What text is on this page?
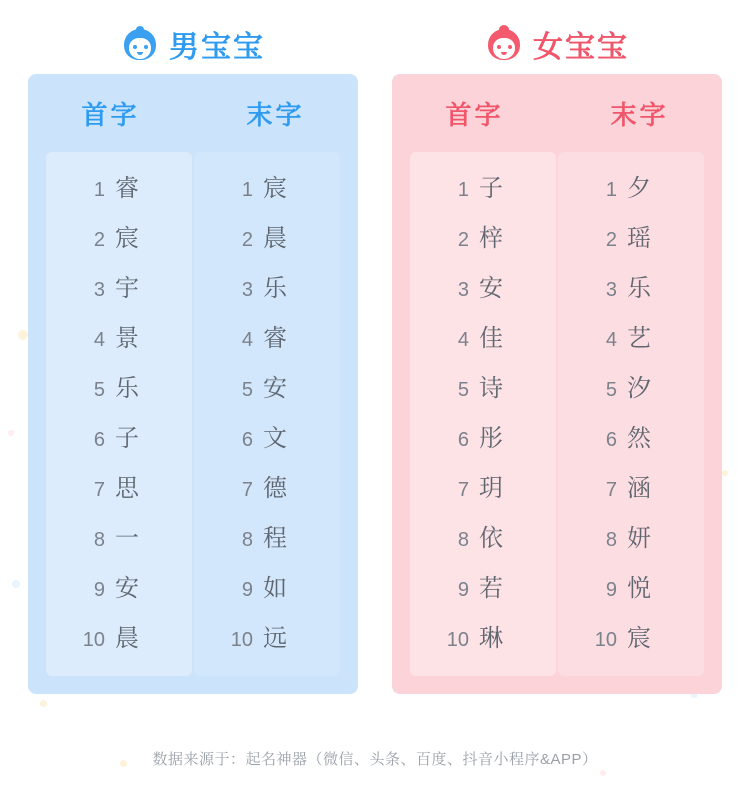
男宝宝
首字	末字
1 睿
2 宸
3 宇
4 景
5 乐
6 子
7 思
8 一
9 安
10 晨
1 宸
2 晨
3 乐
4 睿
5 安
6 文
7 德
8 程
9 如
10 远
女宝宝
首字	末字
1 子
2 梓
3 安
4 佳
5 诗
6 彤
7 玥
8 依
9 若
10 琳
1 夕
2 瑶
3 乐
4 艺
5 汐
6 然
7 涵
8 妍
9 悦
10 宸
数据来源于：起名神器（微信、头条、百度、抖音小程序&APP）
